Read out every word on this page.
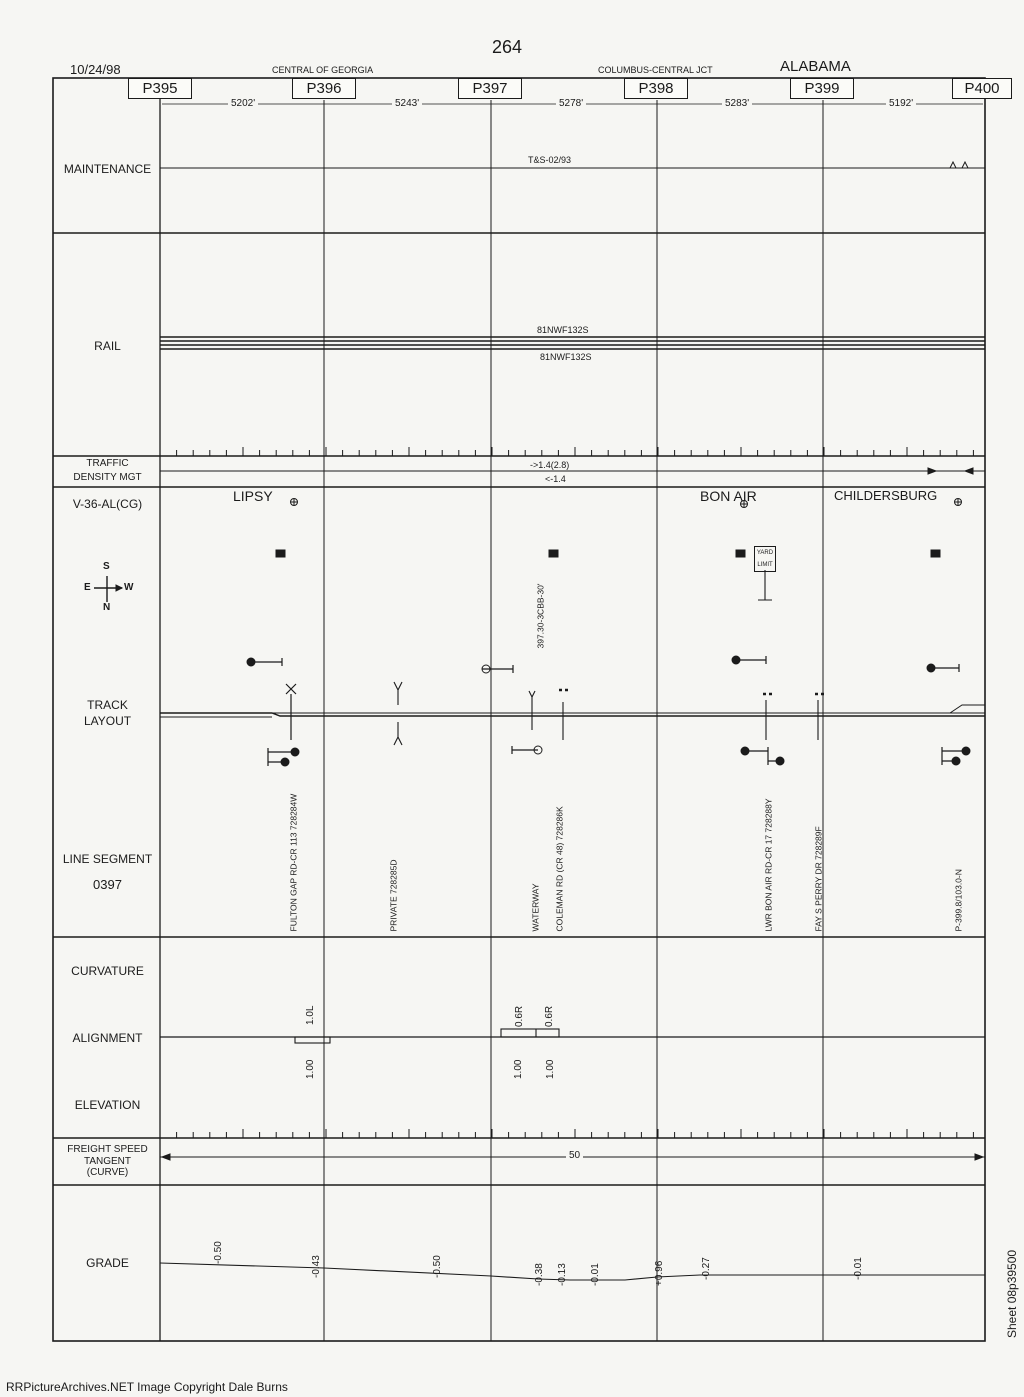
264
10/24/98	CENTRAL OF GEORGIA	COLUMBUS-CENTRAL JCT	ALABAMA
P395	P396	P397	P398	P399	P400
5202'	5243'	5278'	5283'	5192'
MAINTENANCE
RAIL
TRAFFIC
DENSITY MGT
V-36-AL(CG)
TRACK
LAYOUT
LINE SEGMENT
0397
CURVATURE
ALIGNMENT
ELEVATION
FREIGHT SPEED
TANGENT
(CURVE)
GRADE
T&S-02/93
81NWF132S
81NWF132S
->1.4(2.8)
<-1.4
LIPSY	BON AIR	CHILDERSBURG
S
E	W
N
YARD LIMIT
397.30-3CBB-30'
FULTON GAP RD-CR 113 728284W	PRIVATE 728285D	WATERWAY COLEMAN RD (CR 48) 728286K	LWR BON AIR RD-CR 17 728288Y	FAY S PERRY DR 728289F	P-399.8/103.0-N
1.0L	0.6R 0.6R
1.00	1.00 1.00
50
-0.50
-0.43	-0.50	-0.38 -0.13 -0.01	+0.96	-0.27	-0.01	Sheet 08p39500
RRPictureArchives.NET Image Copyright Dale Burns
